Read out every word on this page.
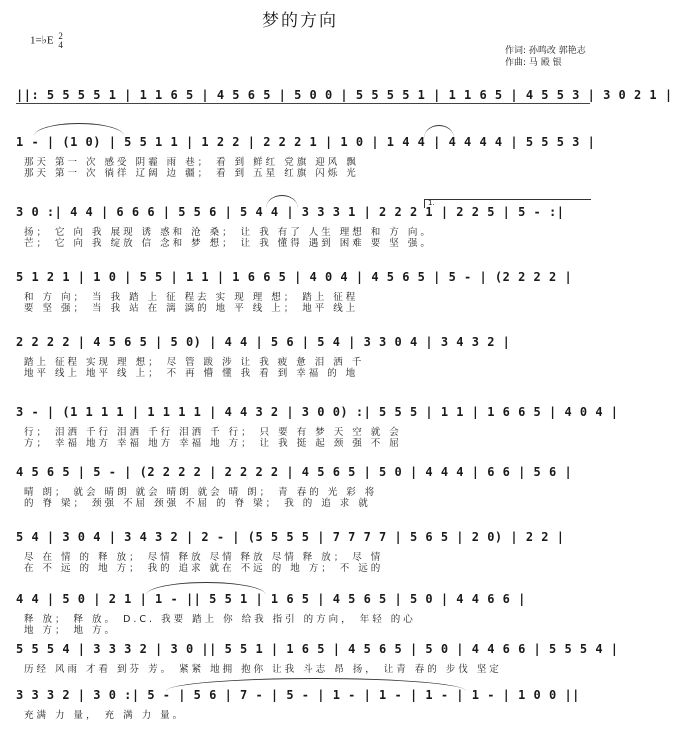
梦的方向
1=♭E 2
4
作词: 孙鸣改 郭艳志
作曲: 马 殿 银
||: 5 5 5 5 1 | 1 1 6 5 | 4 5 6 5 | 5 0 0 | 5 5 5 5 1 | 1 1 6 5 | 4 5 5 3 | 3 0 2 1 |
1 - | (1 0) | 5 5 1 1 | 1 2 2 | 2 2 2 1 | 1 0 | 1 4 4 | 4 4 4 4 | 5 5 5 3 |
那天 第一 次 感受 阴霾 雨 巷； 看 到 鲜红 党旗 迎风 飘
那天 第一 次 徜徉 辽阔 边 疆； 看 到 五星 红旗 闪烁 光
1.
3 0 :| 4 4 | 6 6 6 | 5 5 6 | 5 4 4 | 3 3 3 1 | 2 2 2 1 | 2 2 5 | 5 - :|
扬； 它 向 我 展现 诱 惑和 沧 桑； 让 我 有了 人生 理想 和 方 向。
芒； 它 向 我 绽放 信 念和 梦 想； 让 我 懂得 遇到 困难 要 坚 强。
5 1 2 1 | 1 0 | 5 5 | 1 1 | 1 6 6 5 | 4 0 4 | 4 5 6 5 | 5 - | (2 2 2 2 |
和 方 向； 当 我 踏 上 征 程去 实 现 理 想； 踏上 征程
要 坚 强； 当 我 站 在 漓 漓的 地 平 线 上； 地平 线上
2 2 2 2 | 4 5 6 5 | 5 0) | 4 4 | 5 6 | 5 4 | 3 3 0 4 | 3 4 3 2 |
踏上 征程 实现 理 想； 尽 管 跋 涉 让 我 疲 惫 泪 洒 千
地平 线上 地平 线 上； 不 再 懵 懂 我 看 到 幸福 的 地
3 - | (1 1 1 1 | 1 1 1 1 | 4 4 3 2 | 3 0 0) :| 5 5 5 | 1 1 | 1 6 6 5 | 4 0 4 |
行； 泪洒 千行 泪洒 千行 泪洒 千 行； 只 要 有 梦 天 空 就 会
方； 幸福 地方 幸福 地方 幸福 地 方； 让 我 挺 起 颈 强 不 屈
4 5 6 5 | 5 - | (2 2 2 2 | 2 2 2 2 | 4 5 6 5 | 5 0 | 4 4 4 | 6 6 | 5 6 |
晴 朗； 就会 晴朗 就会 晴朗 就会 晴 朗； 青 春的 光 彩 将
的 脊 梁； 颈强 不屈 颈强 不屈 的 脊 梁； 我 的 追 求 就
5 4 | 3 0 4 | 3 4 3 2 | 2 - | (5 5 5 5 | 7 7 7 7 | 5 6 5 | 2 0) | 2 2 |
尽 在 情 的 释 放； 尽情 释放 尽情 释放 尽情 释 放； 尽 情
在 不 远 的 地 方； 我的 追求 就在 不远 的 地 方； 不 远的
4 4 | 5 0 | 2 1 | 1 - || 5 5 1 | 1 6 5 | 4 5 6 5 | 5 0 | 4 4 6 6 |
释 放； 释 放。 D.C. 我要 踏上 你 给我 指引 的方向， 年轻 的心
地 方； 地 方。
5 5 5 4 | 3 3 3 2 | 3 0 || 5 5 1 | 1 6 5 | 4 5 6 5 | 5 0 | 4 4 6 6 | 5 5 5 4 |
历经 风雨 才看 到芬 芳。 紧紧 地拥 抱你 让我 斗志 昂 扬， 让青 春的 步伐 坚定
3 3 3 2 | 3 0 :| 5 - | 5 6 | 7 - | 5 - | 1 - | 1 - | 1 - | 1 - | 1 0 0 ||
充满 力 量， 充 满 力 量。
